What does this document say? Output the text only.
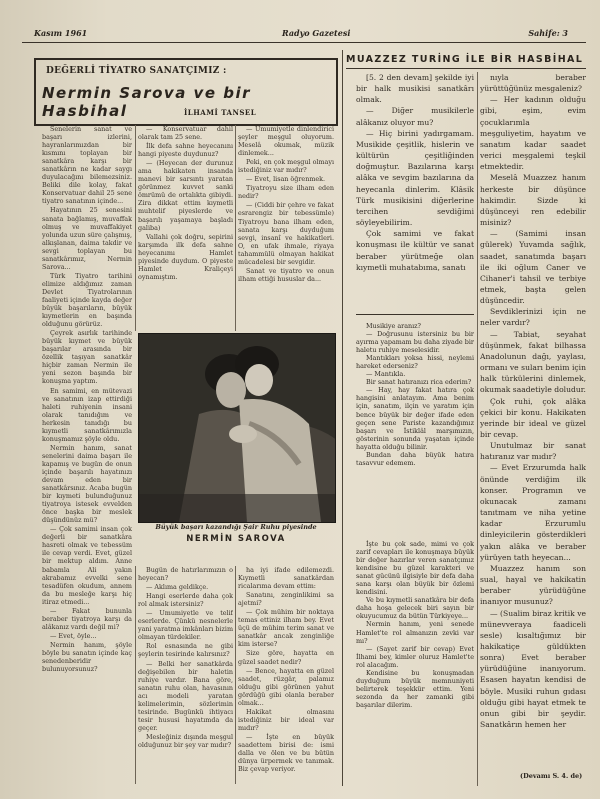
Kasım 1961	Radyo Gazetesi	Sahife: 3
DEĞERLİ TİYATRO SANATÇIMIZ :
Nermin Sarova ve bir Hasbihal	İLHAMİ TANSEL

Senelerin sanat ve başarı izlerini, hayranlarımızdan bir kısmını toplayan bir sanatkâra karşı bir sanatkârın ne kadar saygı duyulacağını bilemezsiniz. Beliki dile kolay, fakat Konservatuar dahil 25 sene tiyatro sanatının içinde...

Hayatının 25 senesini sanata bağlamış, muvaffak olmuş ve muvaffakiyet yolunda uzun süre çalışmış, alkışlanan, daima takdir ve sevgi toplayan bu sanatkârımız, Nermin Sarova...

Türk Tiyatro tarihini elimize aldığımız zaman Devlet Tiyatrolarının faaliyeti içinde kayda değer büyük başarıların, büyük kıymetlerin en başında olduğunu görürüz.

Çeyrek asırlık tarihinde büyük kıymet ve büyük başarılar arasında bir özellik taşıyan sanatkâr hiçbir zaman Nermin ile yeni sezon başında bir konuşma yaptım.

En samimi, en mütevazi ve sanatının izap ettirdiği haleti ruhiyenin insani olarak tanıdığım ve herkesin tanıdığı bu kıymetli sanatkârımızla konuşmamız şöyle oldu.

Nermin hanım, sanat senelerini daima başarı ile kapamış ve bugün de onun içinde başarılı hayatınızı devam eden bir sanatkârsınız. Acaba bugün bir kıymeti bulunduğunuz tiyatroya istesek evvelden önce başka bir meslek düşündünüz mü?

— Çok samimi insan çok değerli bir sanatkâra hasreti olmak ve tebessüm ile cevap verdi. Evet, güzel bir mektup aldım. Anne babamla Ali yakın akrabamız evvelki sene tesadüfen okudum, annem da bu mesleğe karşı hiç itiraz etmedi...

— Fakat bununla beraber tiyatroya karşı da alâkanız vardı değil mi?

— Evet, öyle...

Nermin hanım, şöyle böyle bu sanatın içinde kaç senedenberidir bulunuyorsunuz?

— Konservatuar dahil olarak tam 25 sene.

İlk defa sahne heyecanını hangi piyeste duydunuz?

— (Heyecan der durunuz ama hakikaten insanda manevi bir sarsıntı yaratan görünmez kuvvet sanki ömrümü de ortalıkta gibiydi. Zira dikkat ettim kıymetli muhtelif piyeslerde ve başarılı yaşamaya başladı galiba)

Vallahi çok doğru, sepirini karşımda ilk defa sahne heyecanımı Hamlet piyesinde duydum. O piyeste Hamlet Kraliçeyi oynamıştım.

— Umumiyetle dinlendirici şeyler meşgul oluyorum. Meselâ okumak, müzik dinlemek...

Peki, en çok meşgul olmayı istediğiniz var mıdır?

— Evet, lisan öğrenmek.

Tiyatroyu size ilham eden nedir?

— (Ciddi bir çehre ve fakat esrarengiz bir tebessümle) Tiyatroyu bana ilham eden, sanata karşı duyduğum sevgi, insanî ve hakikatleri. O, en ufak ihmale, riyaya tahammülü olmayan hakikat mücadelesi bir sevgidir.

Sanat ve tiyatro ve onun ilham ettiği hususlar da...

Büyük başarı kazandığı Şair Ruhu piyesinde
NERMİN SAROVA

Bugün de hatırlarımızın o heyecan?

— Aklıma geldikçe.

Hangi eserlerde daha çok rol almak istersiniz?

— Umumiyetle ve telif eserlerde. Çünkü nesnelerle yani yaratma imkânları bizim olmayan türdekiler.

Rol esnasında ne gibi şeylerin tesirinde kalırsınız?

— Belki her sanatkârda değişebilen bir haletin ruhiye vardır. Bana göre, sanatın ruhu olan, havasının acı modeli yaratan kelimelerimin, sözlerimin tesirinde. Bugünkü ihtiyacı tesir hususi hayatımda da geçer.

Mesleğiniz dışında meşgul olduğunuz bir şey var mıdır?

ha iyi ifade edilemezdi. Kıymetli sanatkârdan ricalarıma devam ettim:

Sanatını, zenginlikimi sa ajetmi?

— Çok mühim bir noktaya temas ettiniz ilham bey. Evet üçü de mühim terim sanat ve sanatkâr ancak zenginliğe kim isterse?

Size göre, hayatta en güzel saadet nedir?

— Bence, hayatta en güzel saadet, rüzgâr, palamız olduğu gibi görünen yahut gördüğü gibi olanla beraber olmak...

Hakikat olmasını istediğiniz bir ideal var mıdır?

— İşte en büyük saadettem birisi de: ismi dalla ve ölen ve bu bütün dünya ürpermek ve tanımak. Biz çevap veriyor.

MUAZZEZ TURİNG İLE BİR HASBİHAL

[5. 2 den devam] şekilde iyi bir halk musikisi sanatkârı olmak.

— Diğer musikilerle alâkanız oluyor mu?

— Hiç birini yadırgamam. Musikide çeşitlik, hislerin ve kültürün çeşitliğinden doğmuştur. Bazılarına karşı alâka ve sevgim bazılarına da heyecanla dinlerim. Klâsik Türk musikisini diğerlerine tercihen sevdiğimi söyleyebilirim.

Çok samimi ve fakat konuşması ile kültür ve sanat beraber yürütmeğe olan kıymetli muhatabıma, sanatı

Musikiye aranız?

— Doğrusunu istersiniz bu bir ayırma yapamam bu daha ziyade bir haletu ruhiye meselesidir.

Mantıkları yoksa hissi, neylemi hareket ederseniz?

— Mantıkla.

Bir sanat hatıranızı rica ederim?

— Hay, hay fakat hatıra çok hangisini anlatayım. Ama benim için, sanatım, ilçin ve yaratım için bence büyük bir değer ifade eden geçen sene Pariste kazandığımız başarı ve İstiklâl marşımızın, gösterinin sonunda yaşatan içinde hayatta olduğu bilinir.

Bundan daha büyük hatıra tasavvur edemem.

İşte bu çok sade, mimi ve çok zarif cevapları ile konuşmaya büyük bir değer hazırlar veren sanatçımız kendisine bu güzel karakteri ve sanat gücünü ilgisiyle bir defa daha sana karşı olan büyük bir özlemi kendisini.

Ve bu kıymetli sanatkâra bir defa daha hoşa gelecek biri sayın bir okuyucumuz da bütün Türkiyeye...

Nermin hanım, yeni senede Hamlet'te rol almanızın zevki var mı?

— (Sayet zarif bir cevap) Evet İlhami bey, kimler oluruz Hamlet'te rol alacağım.

Kendisine bu konuşmadan duyduğum büyük memnuniyeti belirterek teşekkür ettim. Yeni sezonda da her zamanki gibi başarılar dilerim.

nıyla beraber yürüttüğünüz mesgaleniz?

— Her kadının olduğu gibi, eşim, evim çocuklarımla meşguliyetim, hayatım ve sanatım kadar saadet verici meşgalemi teşkil etmektedir.

Meselâ Muazzez hanım herkeste bir düşünce hakimdir. Sizde ki düşünceyi ren edebilir misiniz?

— (Samimi insan gülerek) Yuvamda sağlık, saadet, sanatımda başarı ile iki oğlum Caner ve Cihaner'i tahsil ve terbiye etmek, başta gelen düşüncedir.

Sevdiklerinizi için ne neler vardır?

— Tabiat, seyahat düşünmek, fakat bilhassa Anadolunun dağı, yaylası, ormanı ve suları benim için halk türkülerini dinlemek, okumak saadetiyle doludur.

Çok ruhi, çok alâka çekici bir konu. Hakikaten yerinde bir ideal ve güzel bir cevap.

Unutulmaz bir sanat hatıranız var mıdır?

— Evet Erzurumda halk önünde verdiğim ilk konser. Programın ve okunacak zamanı tanıtmam ve niha yetine kadar Erzurumlu dinleyicilerin gösterdikleri yakın alâka ve beraber yürüyen tath heyecan...

Muazzez hanım son sual, hayal ve hakikatin beraber yürüdüğüne inanıyor musunuz?

— (Sualim biraz kritik ve münevveraya faadiceli sesle) kısaltığımız bir hakikatiçe güldükten sonra) Evet beraber yürüdüğüne inanıyorum. Esasen hayatın kendisi de böyle. Musiki ruhun gıdası olduğu gibi hayat etmek te onun gibi bir şeydir. Sanatkârın hemen her

(Devamı S. 4. de)
